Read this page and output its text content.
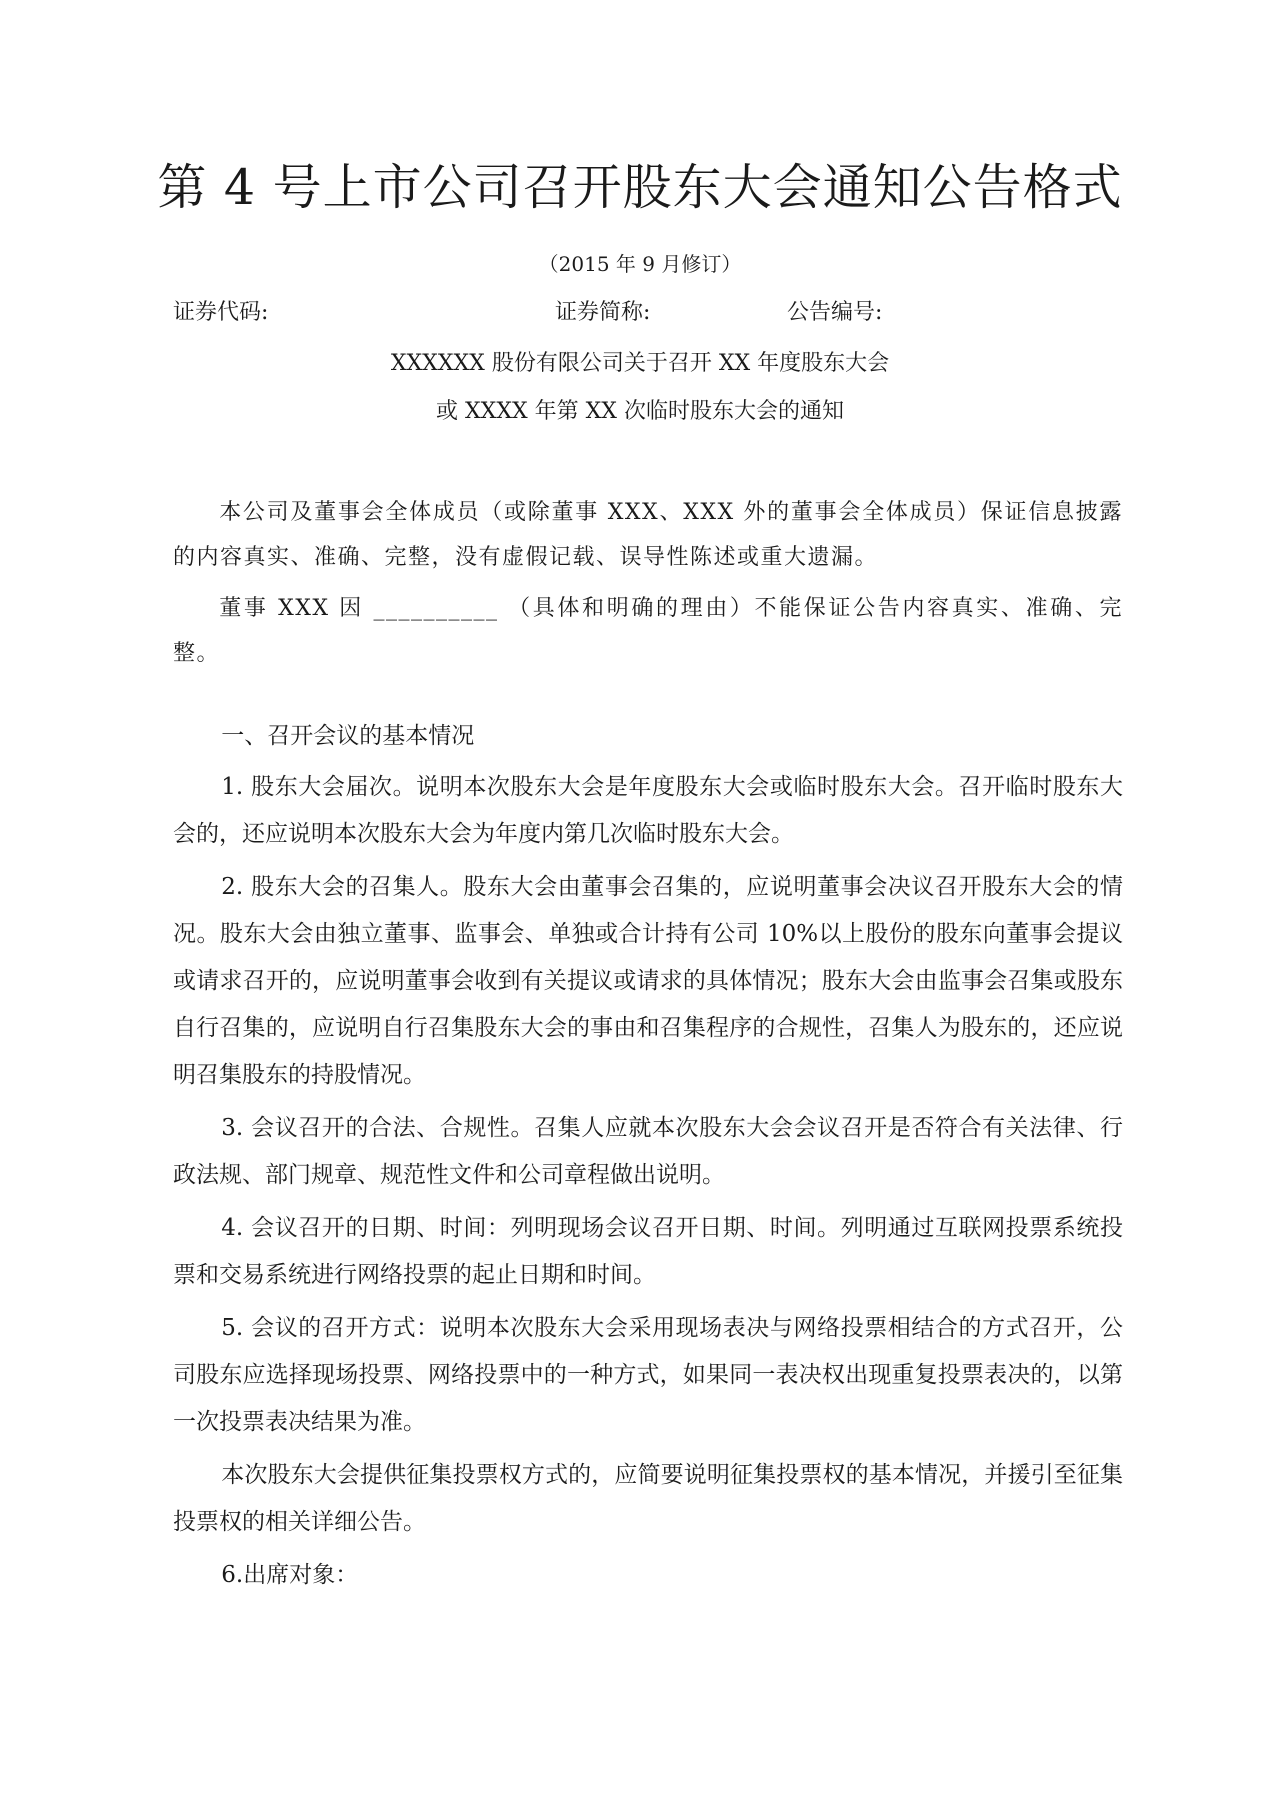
第 4 号上市公司召开股东大会通知公告格式
（2015 年 9 月修订）
证券代码:	证券简称:	公告编号:
XXXXXX 股份有限公司关于召开 XX 年度股东大会
或 XXXX 年第 XX 次临时股东大会的通知

本公司及董事会全体成员（或除董事 XXX、XXX 外的董事会全体成员）保证信息披露的内容真实、准确、完整，没有虚假记载、误导性陈述或重大遗漏。

董事 XXX 因 __________ （具体和明确的理由）不能保证公告内容真实、准确、完整。

一、召开会议的基本情况

1. 股东大会届次。说明本次股东大会是年度股东大会或临时股东大会。召开临时股东大会的，还应说明本次股东大会为年度内第几次临时股东大会。

2. 股东大会的召集人。股东大会由董事会召集的，应说明董事会决议召开股东大会的情况。股东大会由独立董事、监事会、单独或合计持有公司 10%以上股份的股东向董事会提议或请求召开的，应说明董事会收到有关提议或请求的具体情况；股东大会由监事会召集或股东自行召集的，应说明自行召集股东大会的事由和召集程序的合规性，召集人为股东的，还应说明召集股东的持股情况。

3. 会议召开的合法、合规性。召集人应就本次股东大会会议召开是否符合有关法律、行政法规、部门规章、规范性文件和公司章程做出说明。

4. 会议召开的日期、时间：列明现场会议召开日期、时间。列明通过互联网投票系统投票和交易系统进行网络投票的起止日期和时间。

5. 会议的召开方式：说明本次股东大会采用现场表决与网络投票相结合的方式召开，公司股东应选择现场投票、网络投票中的一种方式，如果同一表决权出现重复投票表决的，以第一次投票表决结果为准。

本次股东大会提供征集投票权方式的，应简要说明征集投票权的基本情况，并援引至征集投票权的相关详细公告。

6.出席对象：
